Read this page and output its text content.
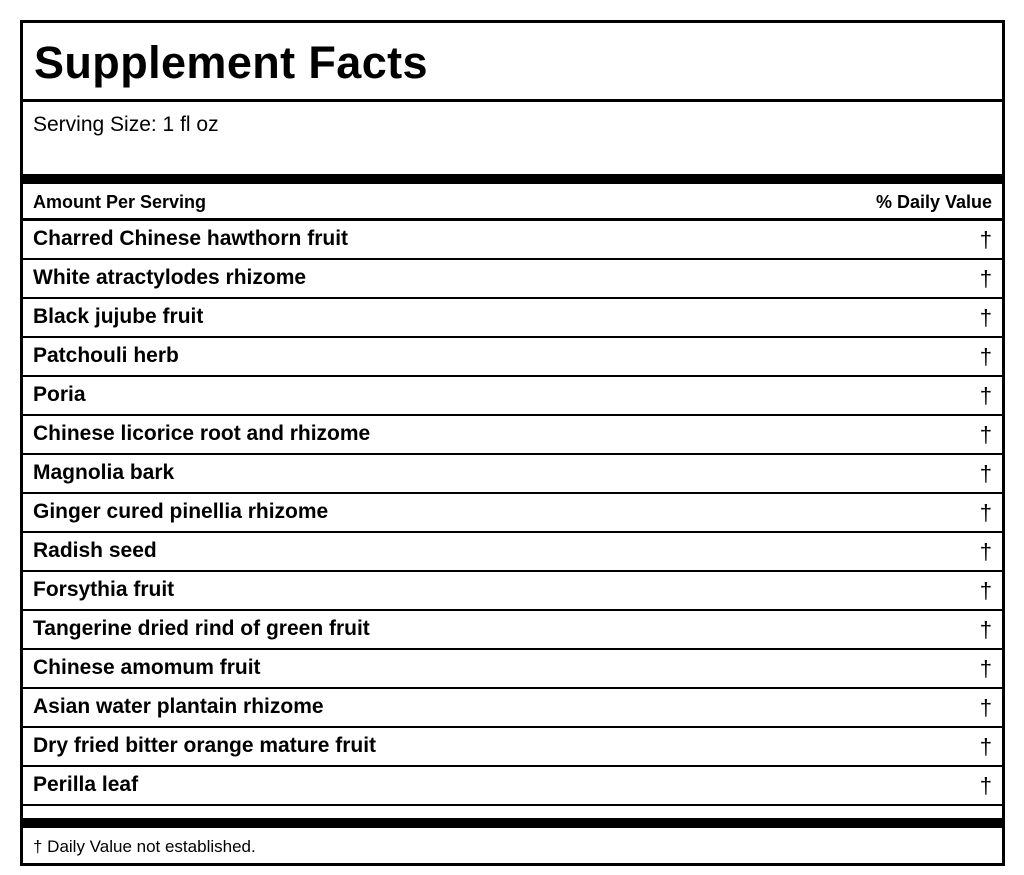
Supplement Facts
Serving Size: 1 fl oz
Amount Per Serving	% Daily Value
Charred Chinese hawthorn fruit	†
White atractylodes rhizome	†
Black jujube fruit	†
Patchouli herb	†
Poria	†
Chinese licorice root and rhizome	†
Magnolia bark	†
Ginger cured pinellia rhizome	†
Radish seed	†
Forsythia fruit	†
Tangerine dried rind of green fruit	†
Chinese amomum fruit	†
Asian water plantain rhizome	†
Dry fried bitter orange mature fruit	†
Perilla leaf	†
† Daily Value not established.
